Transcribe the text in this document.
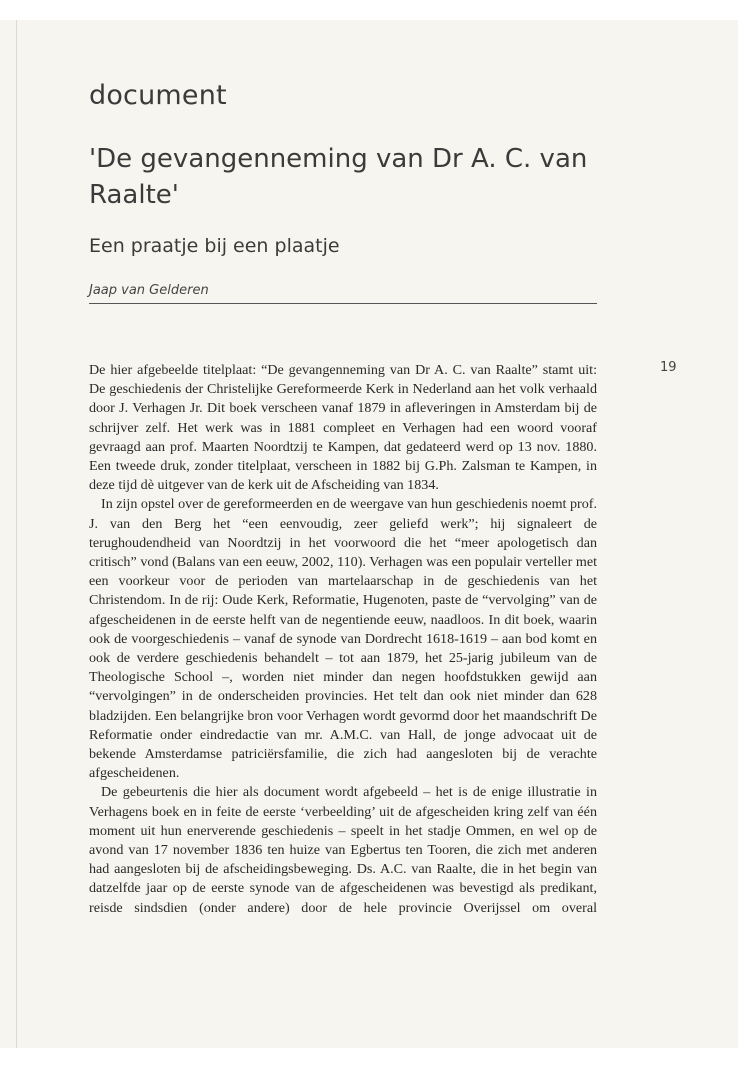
document
'De gevangenneming van Dr A. C. van Raalte'
Een praatje bij een plaatje
Jaap van Gelderen
19

De hier afgebeelde titelplaat: “De gevangenneming van Dr A. C. van Raalte” stamt uit: De geschiedenis der Christelijke Gereformeerde Kerk in Nederland aan het volk verhaald door J. Verhagen Jr. Dit boek verscheen vanaf 1879 in afleveringen in Amsterdam bij de schrijver zelf. Het werk was in 1881 compleet en Verhagen had een woord vooraf gevraagd aan prof. Maarten Noordtzij te Kampen, dat gedateerd werd op 13 nov. 1880. Een tweede druk, zonder titelplaat, verscheen in 1882 bij G.Ph. Zalsman te Kampen, in deze tijd dè uitgever van de kerk uit de Afscheiding van 1834.

In zijn opstel over de gereformeerden en de weergave van hun geschiedenis noemt prof. J. van den Berg het “een eenvoudig, zeer geliefd werk”; hij signaleert de terughoudendheid van Noordtzij in het voorwoord die het “meer apologetisch dan critisch” vond (Balans van een eeuw, 2002, 110). Verhagen was een populair verteller met een voorkeur voor de perioden van martelaarschap in de geschiedenis van het Christendom. In de rij: Oude Kerk, Reformatie, Hugenoten, paste de “vervolging” van de afgescheidenen in de eerste helft van de negentiende eeuw, naadloos. In dit boek, waarin ook de voorgeschiedenis – vanaf de synode van Dordrecht 1618-1619 – aan bod komt en ook de verdere geschiedenis behandelt – tot aan 1879, het 25-jarig jubileum van de Theologische School –, worden niet minder dan negen hoofdstukken gewijd aan “vervolgingen” in de onderscheiden provincies. Het telt dan ook niet minder dan 628 bladzijden. Een belangrijke bron voor Verhagen wordt gevormd door het maandschrift De Reformatie onder eindredactie van mr. A.M.C. van Hall, de jonge advocaat uit de bekende Amsterdamse patriciërsfamilie, die zich had aangesloten bij de verachte afgescheidenen.

De gebeurtenis die hier als document wordt afgebeeld – het is de enige illustratie in Verhagens boek en in feite de eerste ‘verbeelding’ uit de afgescheiden kring zelf van één moment uit hun enerverende geschiedenis – speelt in het stadje Ommen, en wel op de avond van 17 november 1836 ten huize van Egbertus ten Tooren, die zich met anderen had aangesloten bij de afscheidingsbeweging. Ds. A.C. van Raalte, die in het begin van datzelfde jaar op de eerste synode van de afgescheidenen was bevestigd als predikant, reisde sindsdien (onder andere) door de hele provincie Overijssel om overal
